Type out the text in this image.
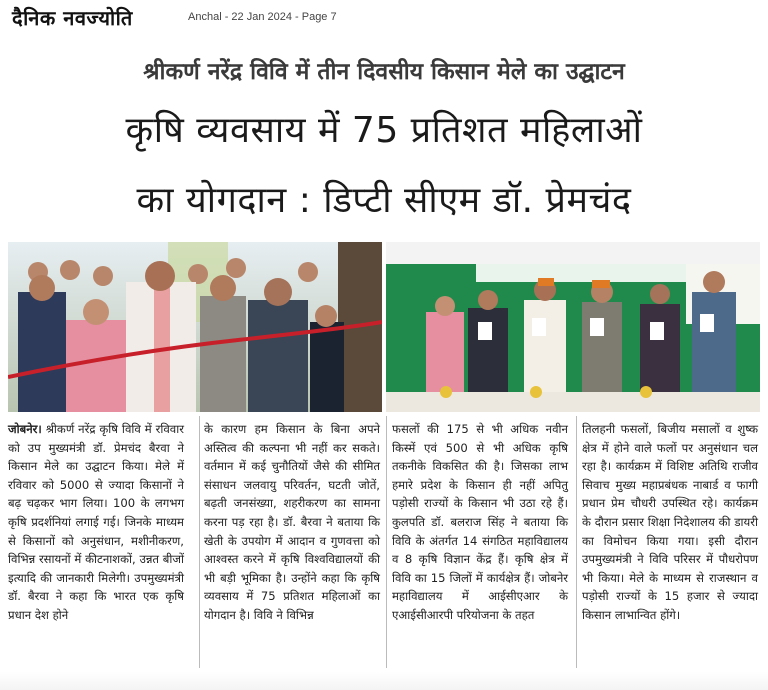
दैनिक नवज्योति	Anchal - 22 Jan 2024 - Page 7
श्रीकर्ण नरेंद्र विवि में तीन दिवसीय किसान मेले का उद्घाटन
कृषि व्यवसाय में 75 प्रतिशत महिलाओं
का योगदान : डिप्टी सीएम डॉ. प्रेमचंद
जोबनेर। श्रीकर्ण नरेंद्र कृषि विवि में रविवार को उप मुख्यमंत्री डॉ. प्रेमचंद बैरवा ने किसान मेले का उद्घाटन किया। मेले में रविवार को 5000 से ज्यादा किसानों ने बढ़ चढ़कर भाग लिया। 100 के लगभग कृषि प्रदर्शनियां लगाई गई। जिनके माध्यम से किसानों को अनुसंधान, मशीनीकरण, विभिन्न रसायनों में कीटनाशकों, उन्नत बीजों इत्यादि की जानकारी मिलेगी। उपमुख्यमंत्री डॉ. बैरवा ने कहा कि भारत एक कृषि प्रधान देश होने
के कारण हम किसान के बिना अपने अस्तित्व की कल्पना भी नहीं कर सकते। वर्तमान में कई चुनौतियों जैसे की सीमित संसाधन जलवायु परिवर्तन, घटती जोतें, बढ़ती जनसंख्या, शहरीकरण का सामना करना पड़ रहा है। डॉ. बैरवा ने बताया कि खेती के उपयोग में आदान व गुणवत्ता को आश्वस्त करने में कृषि विश्वविद्यालयों की भी बड़ी भूमिका है। उन्होंने कहा कि कृषि व्यवसाय में 75 प्रतिशत महिलाओं का योगदान है। विवि ने विभिन्न
फसलों की 175 से भी अधिक नवीन किस्में एवं 500 से भी अधिक कृषि तकनीके विकसित की है। जिसका लाभ हमारे प्रदेश के किसान ही नहीं अपितु पड़ोसी राज्यों के किसान भी उठा रहे हैं। कुलपति डॉ. बलराज सिंह ने बताया कि विवि के अंतर्गत 14 संगठित महाविद्यालय व 8 कृषि विज्ञान केंद्र हैं। कृषि क्षेत्र में विवि का 15 जिलों में कार्यक्षेत्र हैं। जोबनेर महाविद्यालय में आईसीएआर के एआईसीआरपी परियोजना के तहत
तिलहनी फसलों, बिजीय मसालों व शुष्क क्षेत्र में होने वाले फलों पर अनुसंधान चल रहा है। कार्यक्रम में विशिष्ट अतिथि राजीव सिवाच मुख्य महाप्रबंधक नाबार्ड व फागी प्रधान प्रेम चौधरी उपस्थित रहे। कार्यक्रम के दौरान प्रसार शिक्षा निदेशालय की डायरी का विमोचन किया गया। इसी दौरान उपमुख्यमंत्री ने विवि परिसर में पौधरोपण भी किया। मेले के माध्यम से राजस्थान व पड़ोसी राज्यों के 15 हजार से ज्यादा किसान लाभान्वित होंगे।
